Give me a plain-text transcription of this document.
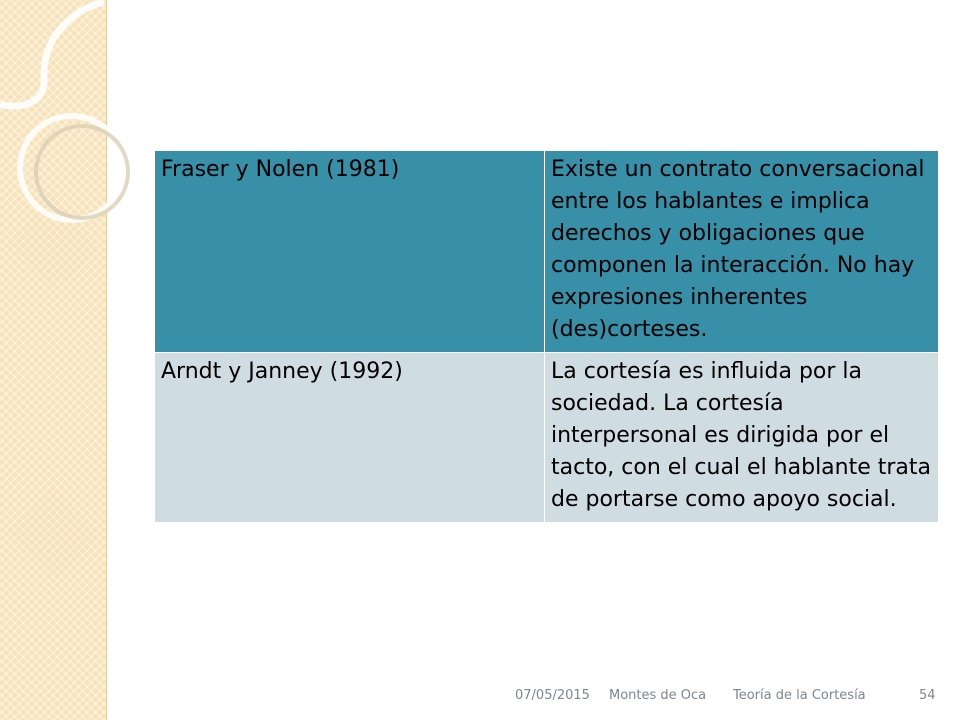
Fraser y Nolen (1981)	Existe un contrato conversacional entre los hablantes e implica derechos y obligaciones que componen la interacción. No hay expresiones inherentes (des)corteses.
Arndt y Janney (1992)	La cortesía es influida por la sociedad. La cortesía interpersonal es dirigida por el tacto, con el cual el hablante trata de portarse como apoyo social.
07/05/2015 Montes de Oca Teoría de la Cortesía	54
